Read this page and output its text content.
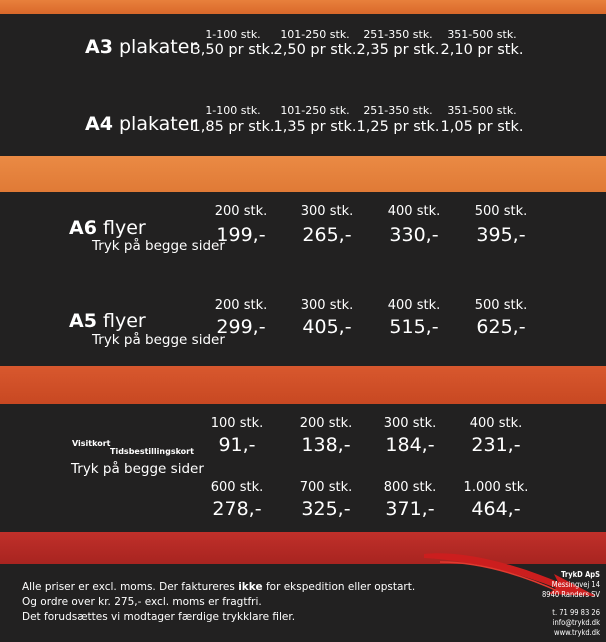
A3 plakater
1-100 stk. 101-250 stk. 251-350 stk. 351-500 stk.
3,50 pr stk. 2,50 pr stk. 2,35 pr stk. 2,10 pr stk.
A4 plakater
1-100 stk. 101-250 stk. 251-350 stk. 351-500 stk.
1,85 pr stk. 1,35 pr stk. 1,25 pr stk. 1,05 pr stk.
A6 flyer
Tryk på begge sider
200 stk.	300 stk.	400 stk.	500 stk.
199,- 265,- 330,- 395,-
A5 flyer
Tryk på begge sider
200 stk.	300 stk.	400 stk.	500 stk.
299,- 405,- 515,- 625,-
Visitkort
Tidsbestillingskort
Tryk på begge sider
100 stk.	200 stk. 300 stk.	400 stk.
91,- 138,- 184,- 231,-
600 stk.	700 stk. 800 stk. 1.000 stk.
278,- 325,- 371,- 464,-
Alle priser er excl. moms. Der faktureres ikke for ekspedition eller opstart.
Og ordre over kr. 275,- excl. moms er fragtfri.
Det forudsættes vi modtager færdige trykklare filer.
TrykD ApS
Messingvej 14
8940 Randers SV
t. 71 99 83 26
info@trykd.dk
www.trykd.dk
